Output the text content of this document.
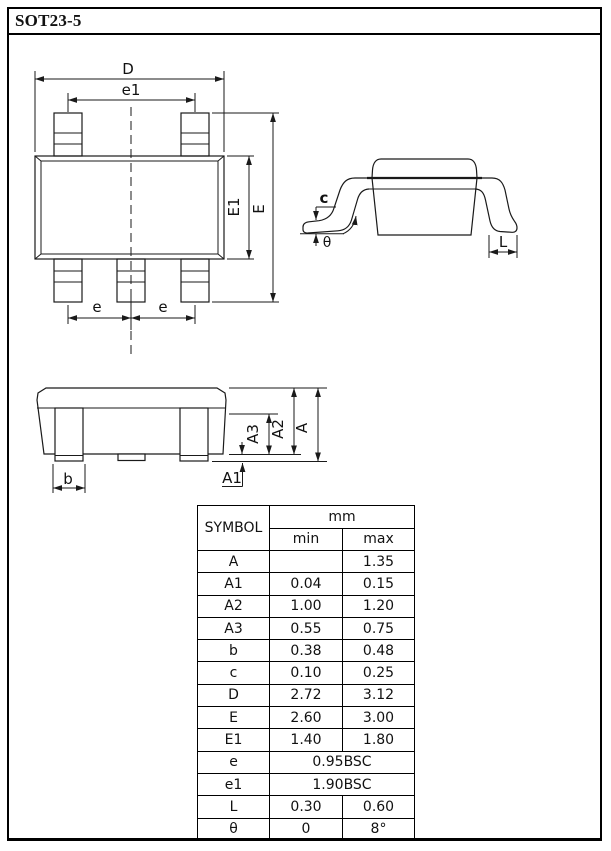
SOT23-5
D
e1
E1 E
e	e
c
θ	L
b
A3 A2 A
A1
SYMBOL	mm	
	min	max
A		1.35
A1	0.04	0.15
A2	1.00	1.20
A3	0.55	0.75
b	0.38	0.48
c	0.10	0.25
D	2.72	3.12
E	2.60	3.00
E1	1.40	1.80
e	0.95BSC	
e1	1.90BSC	
L	0.30	0.60
θ	0	8°
